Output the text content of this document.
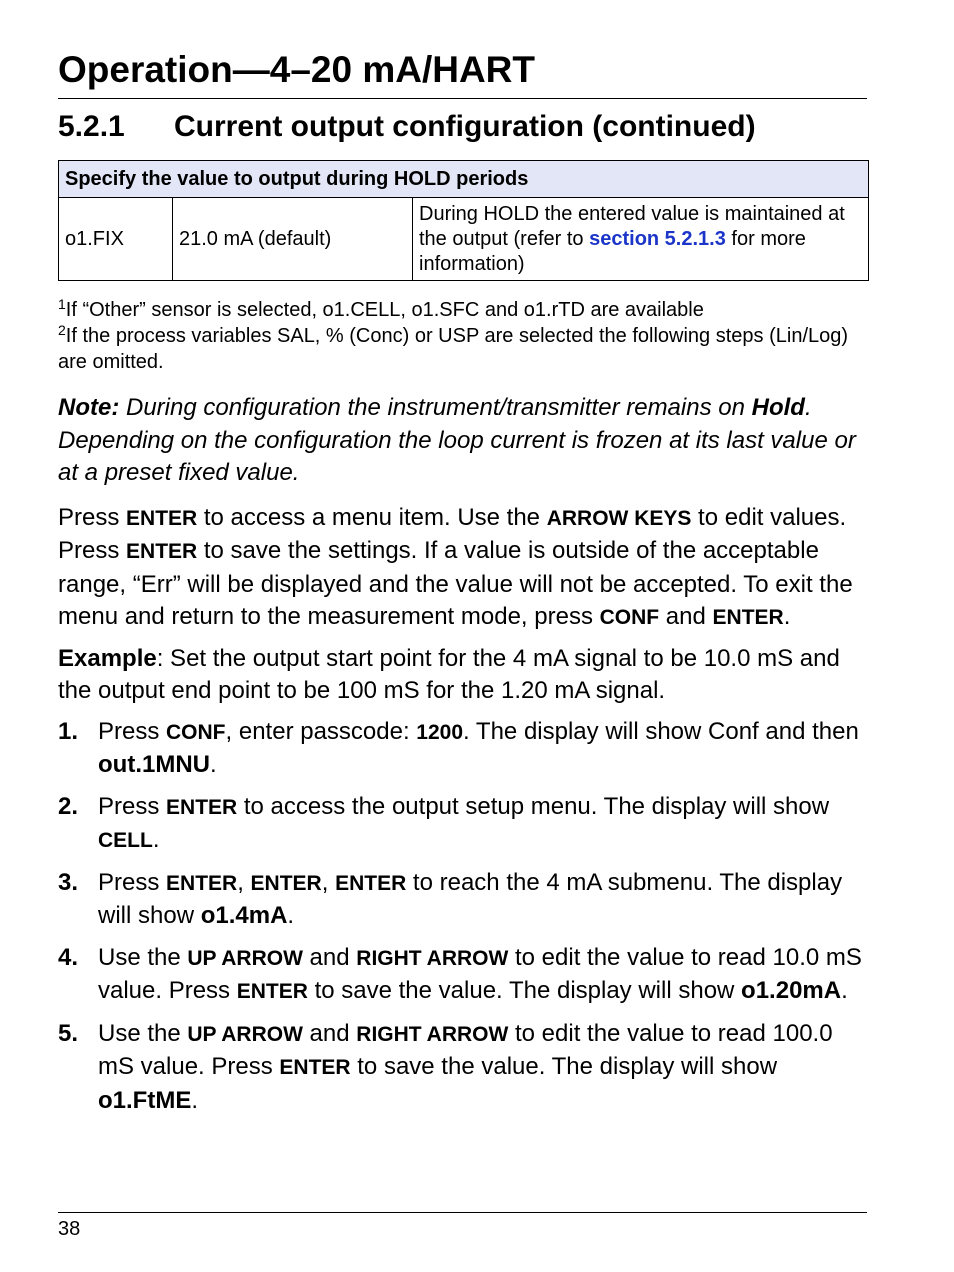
Operation—4–20 mA/HART
5.2.1 Current output configuration (continued)
Specify the value to output during HOLD periods
o1.FIX	21.0 mA (default)	During HOLD the entered value is maintained at the output (refer to section 5.2.1.3 for more information)

$^1$If “Other” sensor is selected, o1.CELL, o1.SFC and o1.rTD are available

$^2$If the process variables SAL, % (Conc) or USP are selected the following steps (Lin/Log) are omitted.

Note: During configuration the instrument/transmitter remains on Hold. Depending on the configuration the loop current is frozen at its last value or at a preset fixed value.

Press ENTER to access a menu item. Use the ARROW KEYS to edit values. Press ENTER to save the settings. If a value is outside of the acceptable range, “Err” will be displayed and the value will not be accepted. To exit the menu and return to the measurement mode, press CONF and ENTER.

Example: Set the output start point for the 4 mA signal to be 10.0 mS and the output end point to be 100 mS for the 1.20 mA signal.

1. Press CONF, enter passcode: 1200. The display will show Conf and then out.1MNU.
2. Press ENTER to access the output setup menu. The display will show CELL.
3. Press ENTER, ENTER, ENTER to reach the 4 mA submenu. The display will show o1.4mA.
4. Use the UP ARROW and RIGHT ARROW to edit the value to read 10.0 mS value. Press ENTER to save the value. The display will show o1.20mA.
5. Use the UP ARROW and RIGHT ARROW to edit the value to read 100.0 mS value. Press ENTER to save the value. The display will show o1.FtME.
38
